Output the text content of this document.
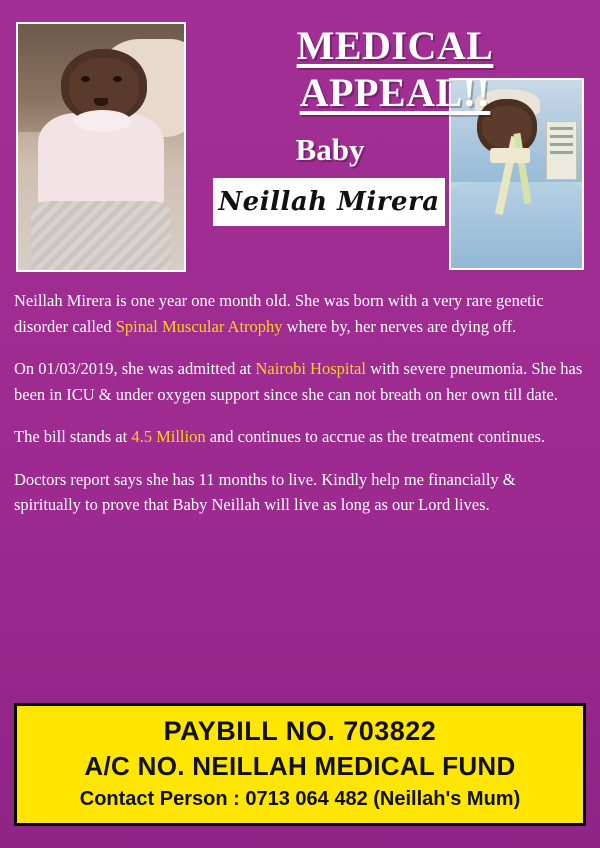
MEDICAL APPEAL!!
Baby
Neillah Mirera

Neillah Mirera is one year one month old. She was born with a very rare genetic disorder called Spinal Muscular Atrophy where by, her nerves are dying off.

On 01/03/2019, she was admitted at Nairobi Hospital with severe pneumonia. She has been in ICU & under oxygen support since she can not breath on her own till date.

The bill stands at 4.5 Million and continues to accrue as the treatment continues.

Doctors report says she has 11 months to live. Kindly help me financially & spiritually to prove that Baby Neillah will live as long as our Lord lives.

PAYBILL NO. 703822
A/C NO. NEILLAH MEDICAL FUND
Contact Person : 0713 064 482 (Neillah's Mum)
